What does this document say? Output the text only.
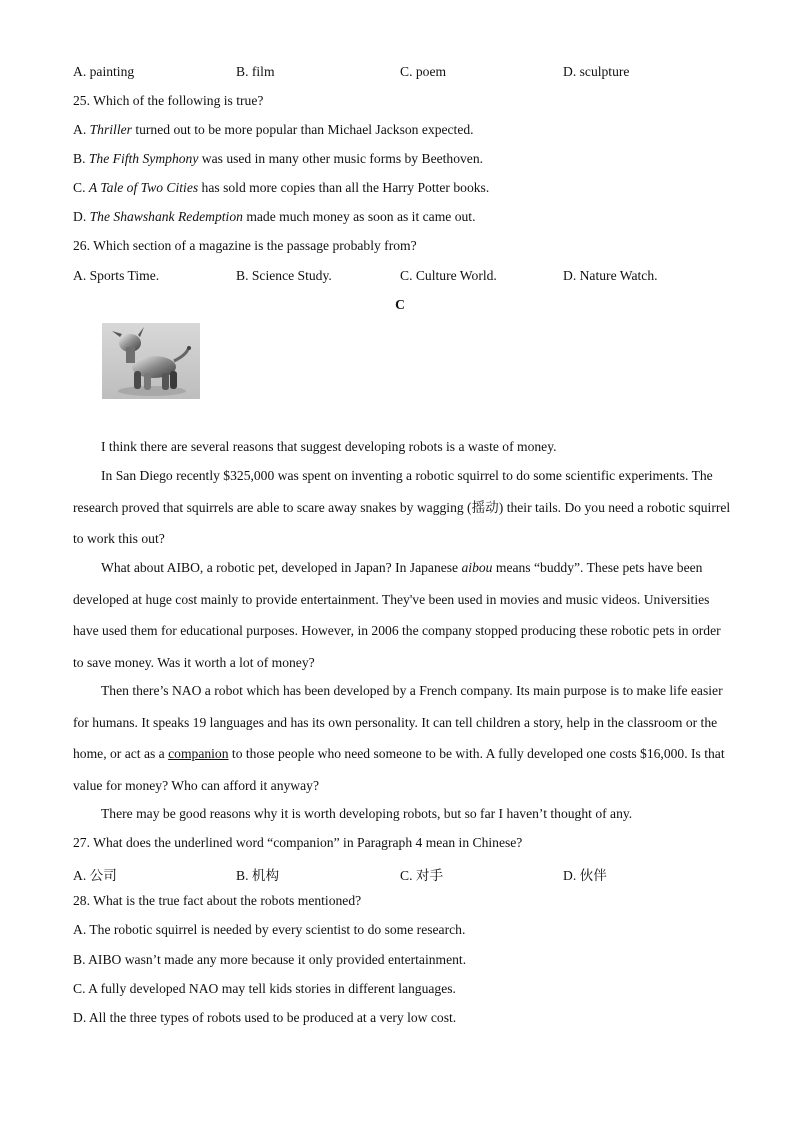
A. painting	B. film	C. poem	D. sculpture
25. Which of the following is true?
A. Thriller turned out to be more popular than Michael Jackson expected.
B. The Fifth Symphony was used in many other music forms by Beethoven.
C. A Tale of Two Cities has sold more copies than all the Harry Potter books.
D. The Shawshank Redemption made much money as soon as it came out.
26. Which section of a magazine is the passage probably from?
A. Sports Time.	B. Science Study.	C. Culture World.	D. Nature Watch.
C
I think there are several reasons that suggest developing robots is a waste of money.
In San Diego recently $325,000 was spent on inventing a robotic squirrel to do some scientific experiments. The research proved that squirrels are able to scare away snakes by wagging (摇动) their tails. Do you need a robotic squirrel to work this out?
What about AIBO, a robotic pet, developed in Japan? In Japanese aibou means “buddy”. These pets have been developed at huge cost mainly to provide entertainment. They've been used in movies and music videos. Universities have used them for educational purposes. However, in 2006 the company stopped producing these robotic pets in order to save money. Was it worth a lot of money?
Then there’s NAO a robot which has been developed by a French company. Its main purpose is to make life easier for humans. It speaks 19 languages and has its own personality. It can tell children a story, help in the classroom or the home, or act as a companion to those people who need someone to be with. A fully developed one costs $16,000. Is that value for money? Who can afford it anyway?
There may be good reasons why it is worth developing robots, but so far I haven’t thought of any.
27. What does the underlined word “companion” in Paragraph 4 mean in Chinese?
A. 公司	B. 机构	C. 对手	D. 伙伴
28. What is the true fact about the robots mentioned?
A. The robotic squirrel is needed by every scientist to do some research.
B. AIBO wasn’t made any more because it only provided entertainment.
C. A fully developed NAO may tell kids stories in different languages.
D. All the three types of robots used to be produced at a very low cost.
